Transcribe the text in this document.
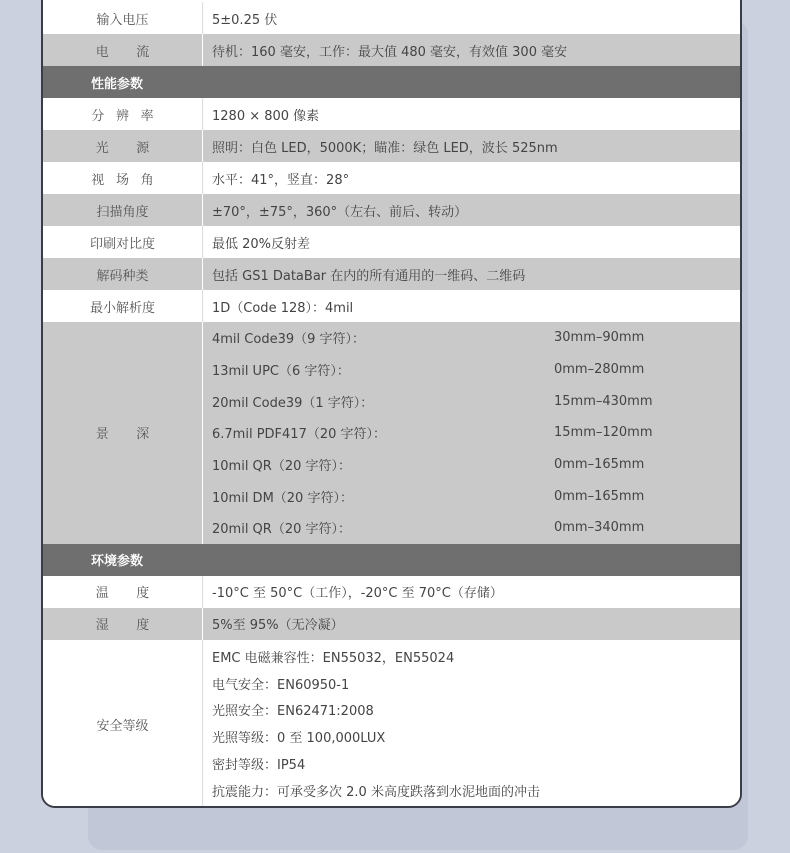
输入电压	5±0.25 伏
电 流	待机：160 毫安，工作：最大值 480 毫安，有效值 300 毫安
性能参数
分辨率	1280 × 800 像素
光 源	照明：白色 LED，5000K；瞄准：绿色 LED，波长 525nm
视场角	水平：41°，竖直：28°
扫描角度	±70°，±75°，360°（左右、前后、转动）
印刷对比度	最低 20%反射差
解码种类	包括 GS1 DataBar 在内的所有通用的一维码、二维码
最小解析度	1D（Code 128）：4mil
景 深
4mil Code39（9 字符）：	30mm–90mm
13mil UPC（6 字符）：	0mm–280mm
20mil Code39（1 字符）：	15mm–430mm
6.7mil PDF417（20 字符）：	15mm–120mm
10mil QR（20 字符）：	0mm–165mm
10mil DM（20 字符）：	0mm–165mm
20mil QR（20 字符）：	0mm–340mm
环境参数
温 度	-10°C 至 50°C（工作），-20°C 至 70°C（存储）
湿 度	5%至 95%（无冷凝）
安全等级
EMC 电磁兼容性：EN55032，EN55024
电气安全：EN60950-1
光照安全：EN62471:2008
光照等级：0 至 100,000LUX
密封等级：IP54
抗震能力：可承受多次 2.0 米高度跌落到水泥地面的冲击
